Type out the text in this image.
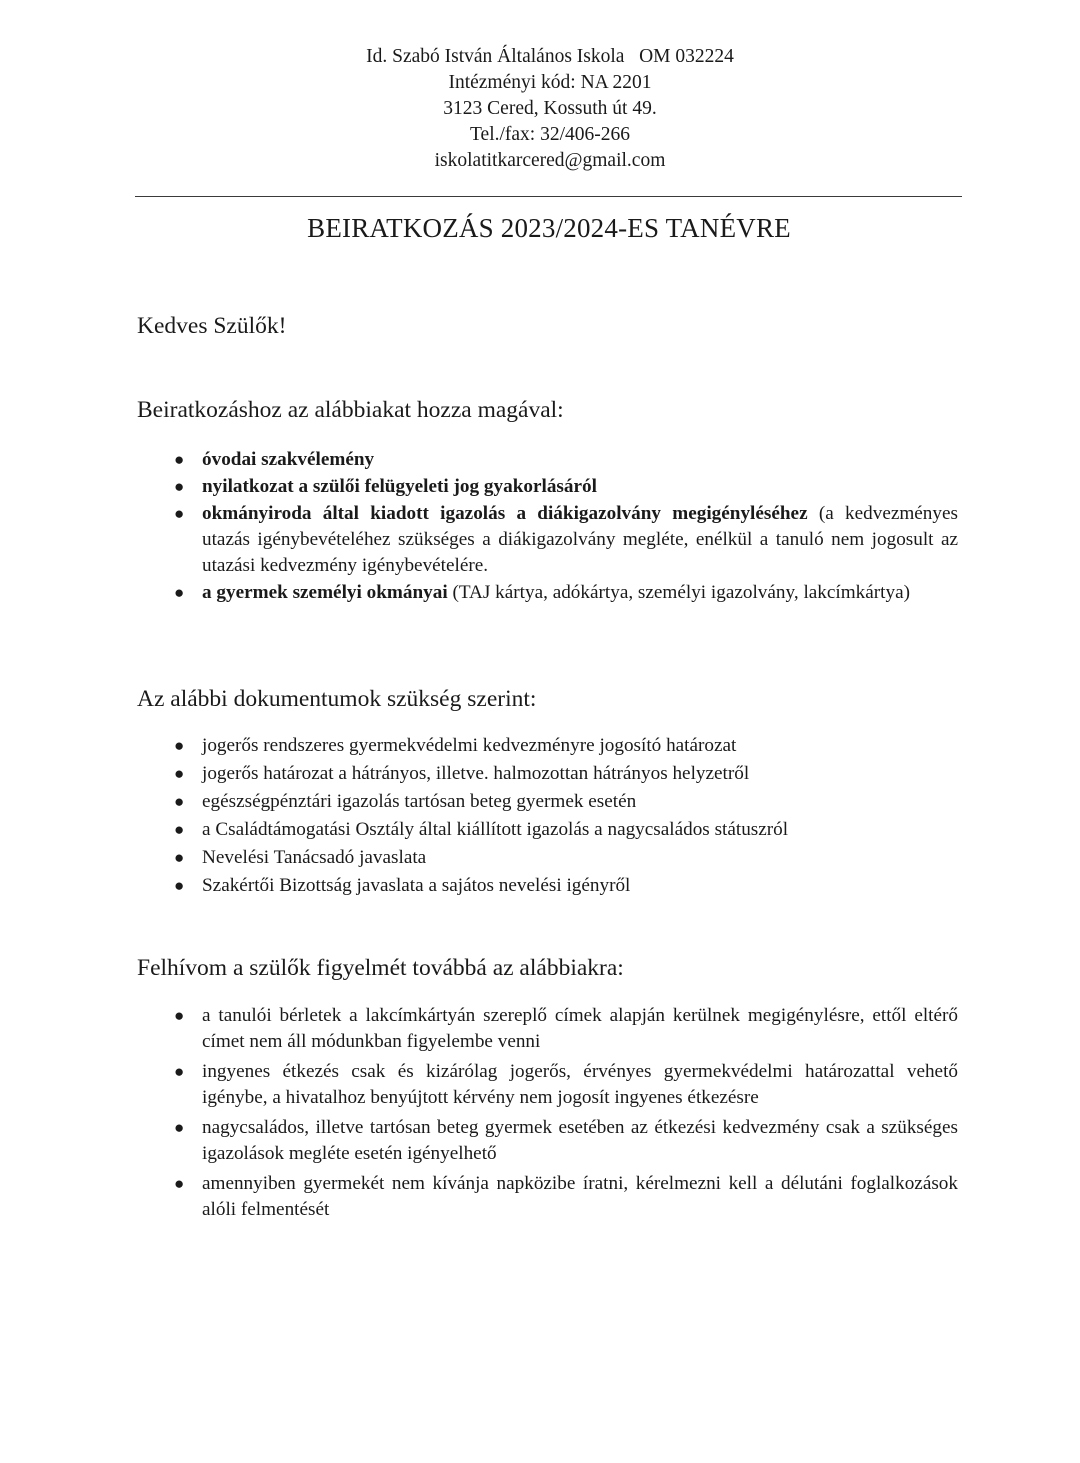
Id. Szabó István Általános Iskola   OM 032224
Intézményi kód: NA 2201
3123 Cered, Kossuth út 49.
Tel./fax: 32/406-266
iskolatitkarcered@gmail.com
BEIRATKOZÁS 2023/2024-ES TANÉVRE
Kedves Szülők!
Beiratkozáshoz az alábbiakat hozza magával:
● óvodai szakvélemény
● nyilatkozat a szülői felügyeleti jog gyakorlásáról
● okmányiroda által kiadott igazolás a diákigazolvány megigényléséhez (a kedvezményes utazás igénybevételéhez szükséges a diákigazolvány megléte, enélkül a tanuló nem jogosult az utazási kedvezmény igénybevételére.
● a gyermek személyi okmányai (TAJ kártya, adókártya, személyi igazolvány, lakcímkártya)
Az alábbi dokumentumok szükség szerint:
● jogerős rendszeres gyermekvédelmi kedvezményre jogosító határozat
● jogerős határozat a hátrányos, illetve. halmozottan hátrányos helyzetről
● egészségpénztári igazolás tartósan beteg gyermek esetén
● a Családtámogatási Osztály által kiállított igazolás a nagycsaládos státuszról
● Nevelési Tanácsadó javaslata
● Szakértői Bizottság javaslata a sajátos nevelési igényről
Felhívom a szülők figyelmét továbbá az alábbiakra:
● a tanulói bérletek a lakcímkártyán szereplő címek alapján kerülnek megigénylésre, ettől eltérő címet nem áll módunkban figyelembe venni
● ingyenes étkezés csak és kizárólag jogerős, érvényes gyermekvédelmi határozattal vehető igénybe, a hivatalhoz benyújtott kérvény nem jogosít ingyenes étkezésre
● nagycsaládos, illetve tartósan beteg gyermek esetében az étkezési kedvezmény csak a szükséges igazolások megléte esetén igényelhető
● amennyiben gyermekét nem kívánja napközibe íratni, kérelmezni kell a délutáni foglalkozások alóli felmentését
